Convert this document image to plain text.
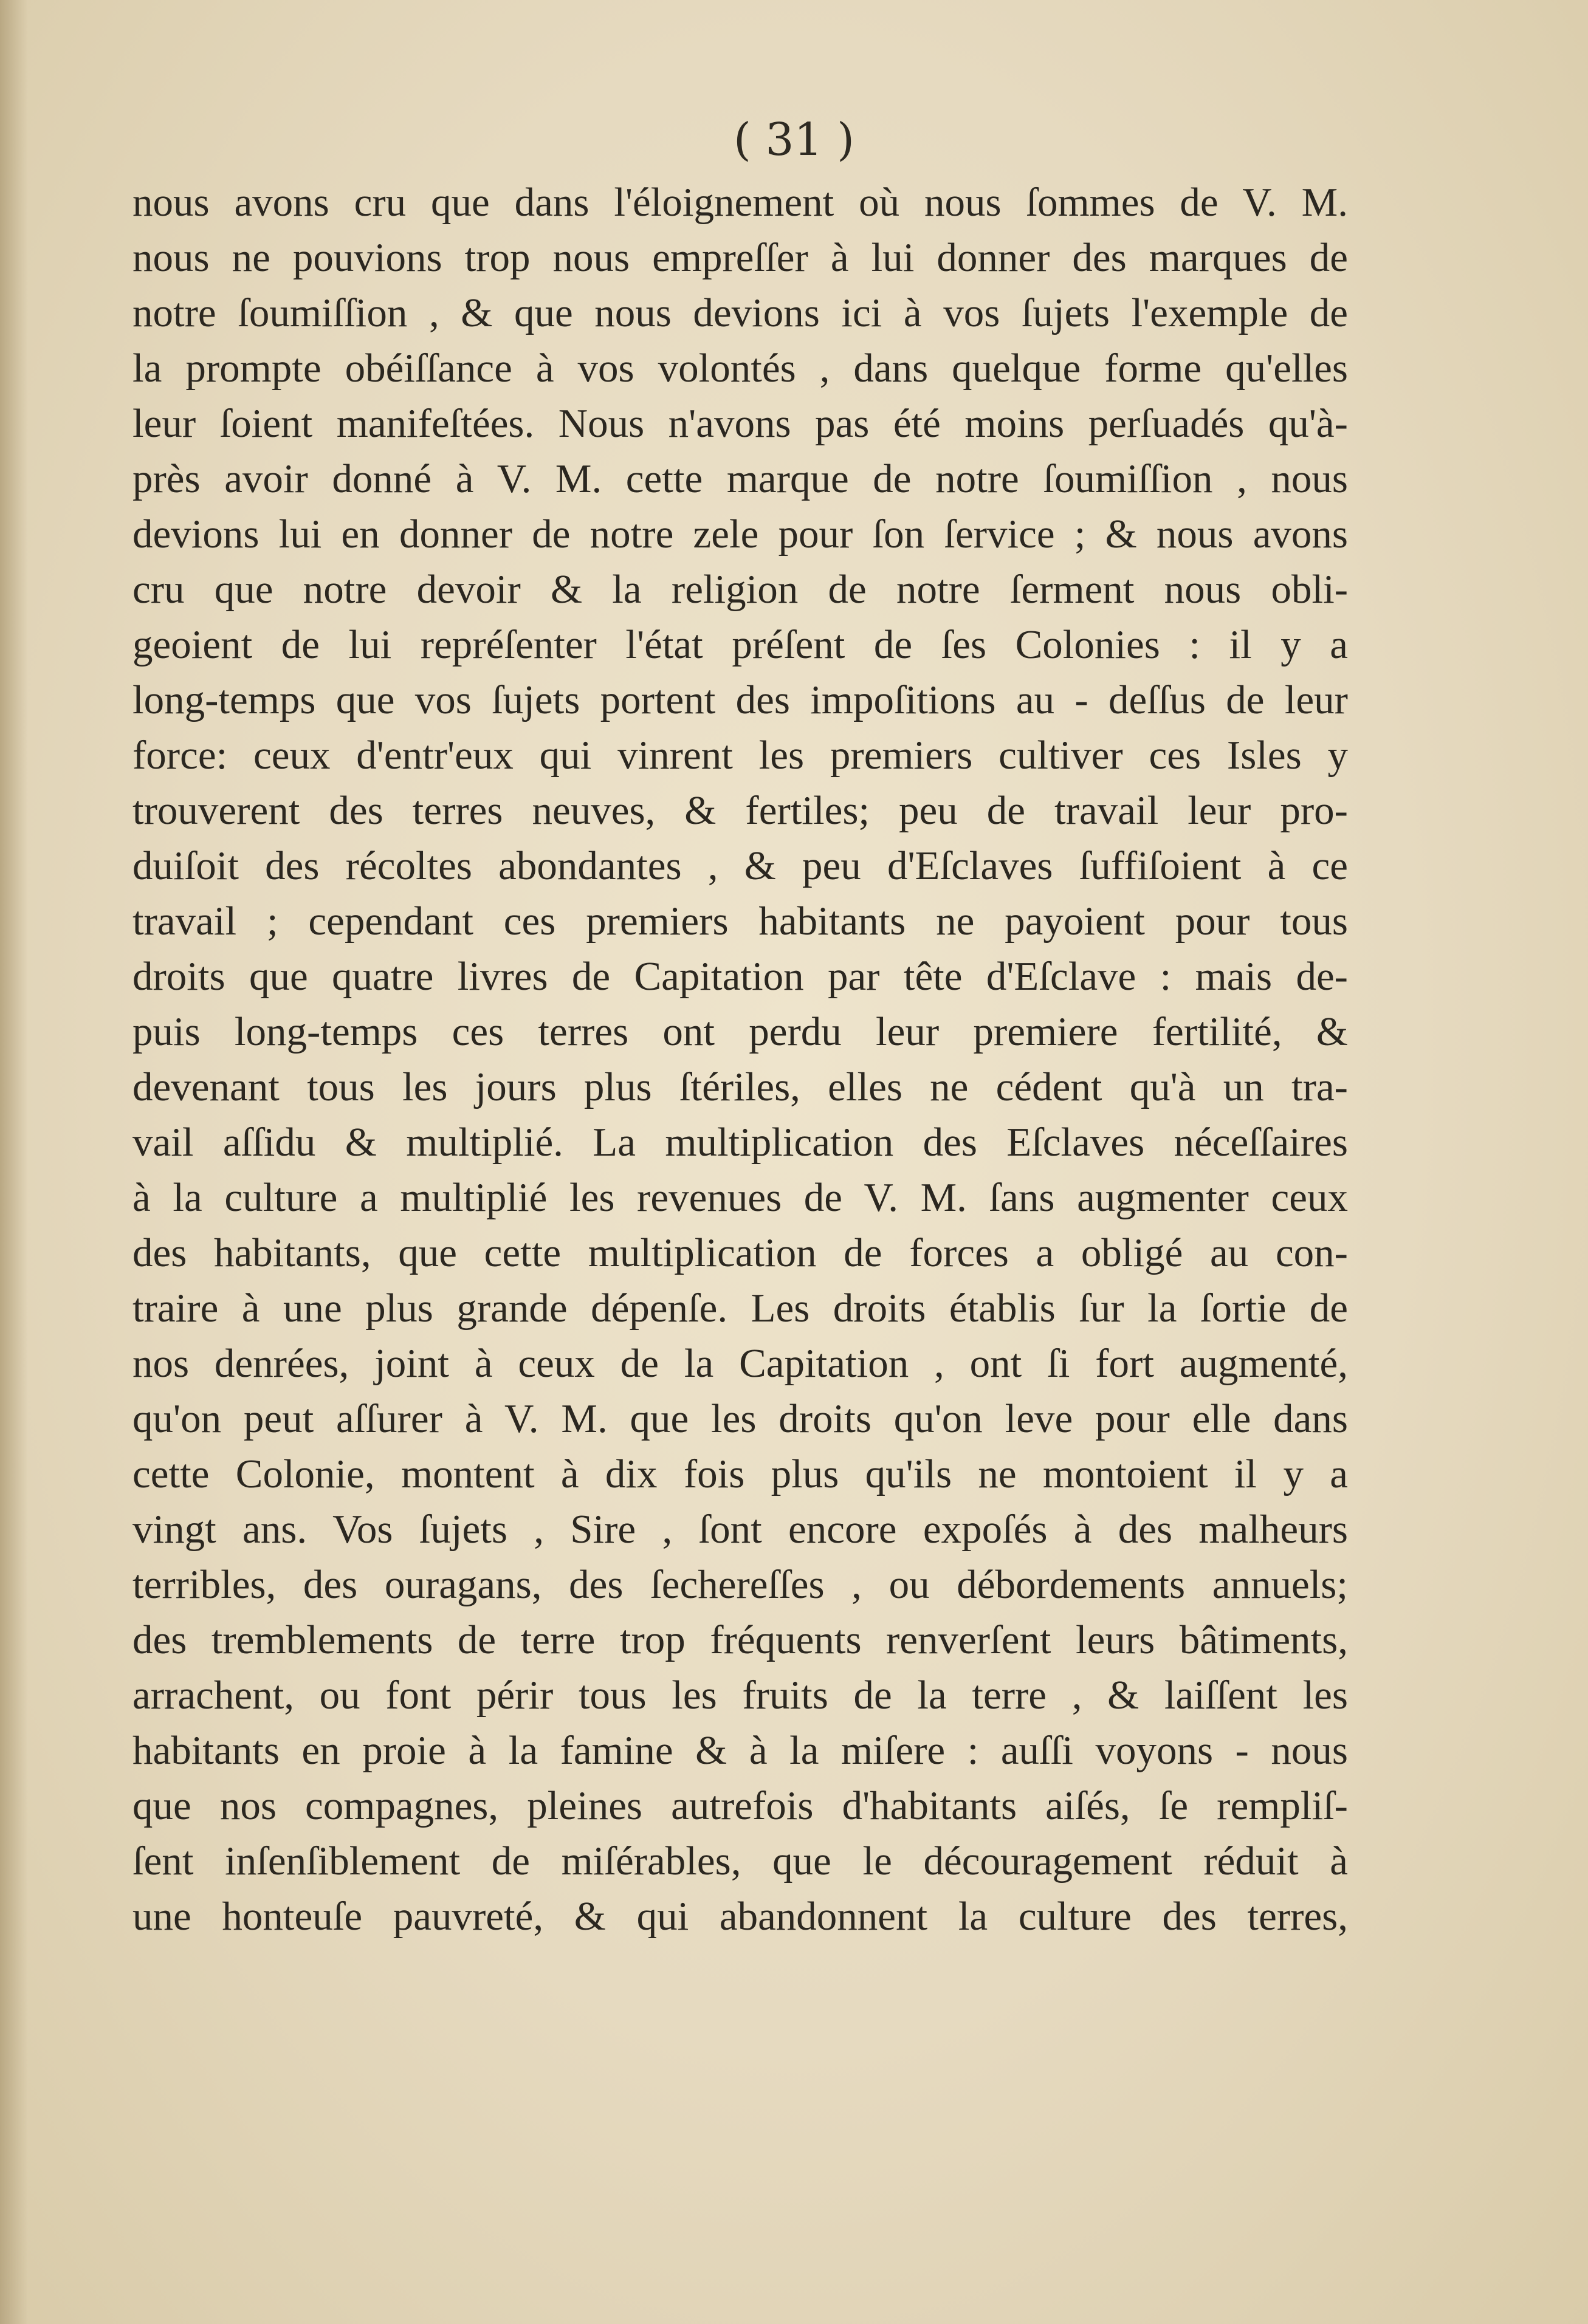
( 31 )
nous avons cru que dans l'éloignement où nous ſommes de V. M.
nous ne pouvions trop nous empreſſer à lui donner des marques de
notre ſoumiſſion , & que nous devions ici à vos ſujets l'exemple de
la prompte obéiſſance à vos volontés , dans quelque forme qu'elles
leur ſoient manifeſtées. Nous n'avons pas été moins perſuadés qu'à-
près avoir donné à V. M. cette marque de notre ſoumiſſion , nous
devions lui en donner de notre zele pour ſon ſervice ; & nous avons
cru que notre devoir & la religion de notre ſerment nous obli-
geoient de lui repréſenter l'état préſent de ſes Colonies : il y a
long-temps que vos ſujets portent des impoſitions au - deſſus de leur
force: ceux d'entr'eux qui vinrent les premiers cultiver ces Isles y
trouverent des terres neuves, & fertiles; peu de travail leur pro-
duiſoit des récoltes abondantes , & peu d'Eſclaves ſuffiſoient à ce
travail ; cependant ces premiers habitants ne payoient pour tous
droits que quatre livres de Capitation par tête d'Eſclave : mais de-
puis long-temps ces terres ont perdu leur premiere fertilité, &
devenant tous les jours plus ſtériles, elles ne cédent qu'à un tra-
vail aſſidu & multiplié. La multiplication des Eſclaves néceſſaires
à la culture a multiplié les revenues de V. M. ſans augmenter ceux
des habitants, que cette multiplication de forces a obligé au con-
traire à une plus grande dépenſe. Les droits établis ſur la ſortie de
nos denrées, joint à ceux de la Capitation , ont ſi fort augmenté,
qu'on peut aſſurer à V. M. que les droits qu'on leve pour elle dans
cette Colonie, montent à dix fois plus qu'ils ne montoient il y a
vingt ans. Vos ſujets , Sire , ſont encore expoſés à des malheurs
terribles, des ouragans, des ſechereſſes , ou débordements annuels;
des tremblements de terre trop fréquents renverſent leurs bâtiments,
arrachent, ou font périr tous les fruits de la terre , & laiſſent les
habitants en proie à la famine & à la miſere : auſſi voyons - nous
que nos compagnes, pleines autrefois d'habitants aiſés, ſe rempliſ-
ſent inſenſiblement de miſérables, que le découragement réduit à
une honteuſe pauvreté, & qui abandonnent la culture des terres,
